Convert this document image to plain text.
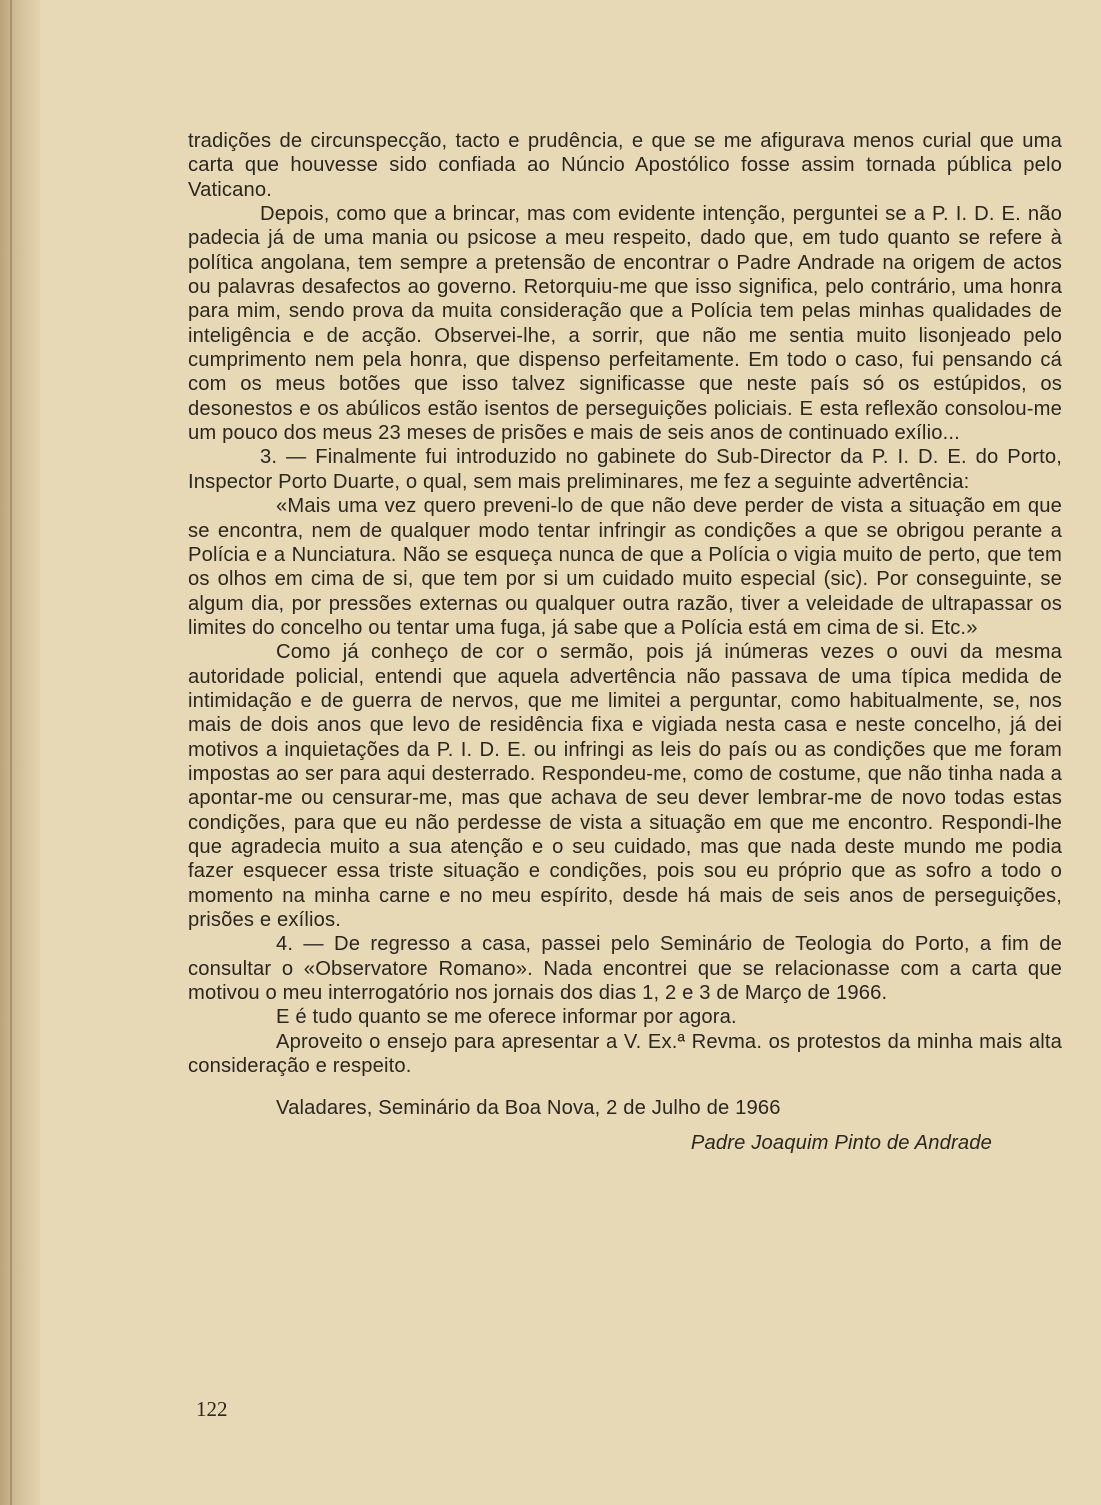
tradições de circunspecção, tacto e prudência, e que se me afigurava menos curial que uma carta que houvesse sido confiada ao Núncio Apostólico fosse assim tornada pública pelo Vaticano.

Depois, como que a brincar, mas com evidente intenção, perguntei se a P. I. D. E. não padecia já de uma mania ou psicose a meu respeito, dado que, em tudo quanto se refere à política angolana, tem sempre a pretensão de encontrar o Padre Andrade na origem de actos ou palavras desafectos ao governo. Retorquiu-me que isso significa, pelo contrário, uma honra para mim, sendo prova da muita consideração que a Polícia tem pelas minhas qualidades de inteligência e de acção. Observei-lhe, a sorrir, que não me sentia muito lisonjeado pelo cumprimento nem pela honra, que dispenso perfeitamente. Em todo o caso, fui pensando cá com os meus botões que isso talvez significasse que neste país só os estúpidos, os desonestos e os abúlicos estão isentos de perseguições policiais. E esta reflexão consolou-me um pouco dos meus 23 meses de prisões e mais de seis anos de continuado exílio...

3. — Finalmente fui introduzido no gabinete do Sub-Director da P. I. D. E. do Porto, Inspector Porto Duarte, o qual, sem mais preliminares, me fez a seguinte advertência:

«Mais uma vez quero preveni-lo de que não deve perder de vista a situação em que se encontra, nem de qualquer modo tentar infringir as condições a que se obrigou perante a Polícia e a Nunciatura. Não se esqueça nunca de que a Polícia o vigia muito de perto, que tem os olhos em cima de si, que tem por si um cuidado muito especial (sic). Por conseguinte, se algum dia, por pressões externas ou qualquer outra razão, tiver a veleidade de ultrapassar os limites do concelho ou tentar uma fuga, já sabe que a Polícia está em cima de si. Etc.»

Como já conheço de cor o sermão, pois já inúmeras vezes o ouvi da mesma autoridade policial, entendi que aquela advertência não passava de uma típica medida de intimidação e de guerra de nervos, que me limitei a perguntar, como habitualmente, se, nos mais de dois anos que levo de residência fixa e vigiada nesta casa e neste concelho, já dei motivos a inquietações da P. I. D. E. ou infringi as leis do país ou as condições que me foram impostas ao ser para aqui desterrado. Respondeu-me, como de costume, que não tinha nada a apontar-me ou censurar-me, mas que achava de seu dever lembrar-me de novo todas estas condições, para que eu não perdesse de vista a situação em que me encontro. Respondi-lhe que agradecia muito a sua atenção e o seu cuidado, mas que nada deste mundo me podia fazer esquecer essa triste situação e condições, pois sou eu próprio que as sofro a todo o momento na minha carne e no meu espírito, desde há mais de seis anos de perseguições, prisões e exílios.

4. — De regresso a casa, passei pelo Seminário de Teologia do Porto, a fim de consultar o «Observatore Romano». Nada encontrei que se relacionasse com a carta que motivou o meu interrogatório nos jornais dos dias 1, 2 e 3 de Março de 1966.

E é tudo quanto se me oferece informar por agora.

Aproveito o ensejo para apresentar a V. Ex.ª Revma. os protestos da minha mais alta consideração e respeito.

Valadares, Seminário da Boa Nova, 2 de Julho de 1966

Padre Joaquim Pinto de Andrade

122
